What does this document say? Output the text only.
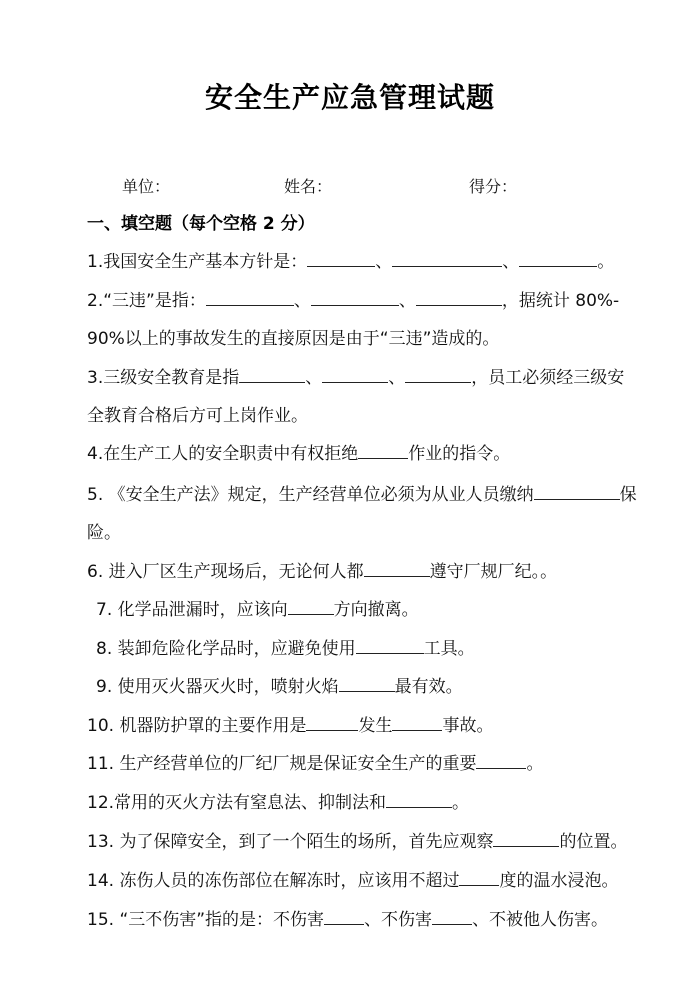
安全生产应急管理试题
单位：	姓名：	得分：
一、填空题（每个空格 2 分）
1.我国安全生产基本方针是：	、	、	。
2.“三违”是指：	、	、	，据统计 80%-
90%以上的事故发生的直接原因是由于“三违”造成的。
3.三级安全教育是指	、	、	，员工必须经三级安
全教育合格后方可上岗作业。
4.在生产工人的安全职责中有权拒绝	作业的指令。
5. 《安全生产法》规定，生产经营单位必须为从业人员缴纳	保
险。
6. 进入厂区生产现场后，无论何人都	遵守厂规厂纪。。
7. 化学品泄漏时，应该向	方向撤离。
8. 装卸危险化学品时，应避免使用	工具。
9. 使用灭火器灭火时，喷射火焰	最有效。
10. 机器防护罩的主要作用是	发生	事故。
11. 生产经营单位的厂纪厂规是保证安全生产的重要	。
12.常用的灭火方法有窒息法、抑制法和	。
13. 为了保障安全，到了一个陌生的场所，首先应观察	的位置。
14. 冻伤人员的冻伤部位在解冻时，应该用不超过 度的温水浸泡。
15. “三不伤害”指的是：不伤害 、不伤害 、不被他人伤害。
